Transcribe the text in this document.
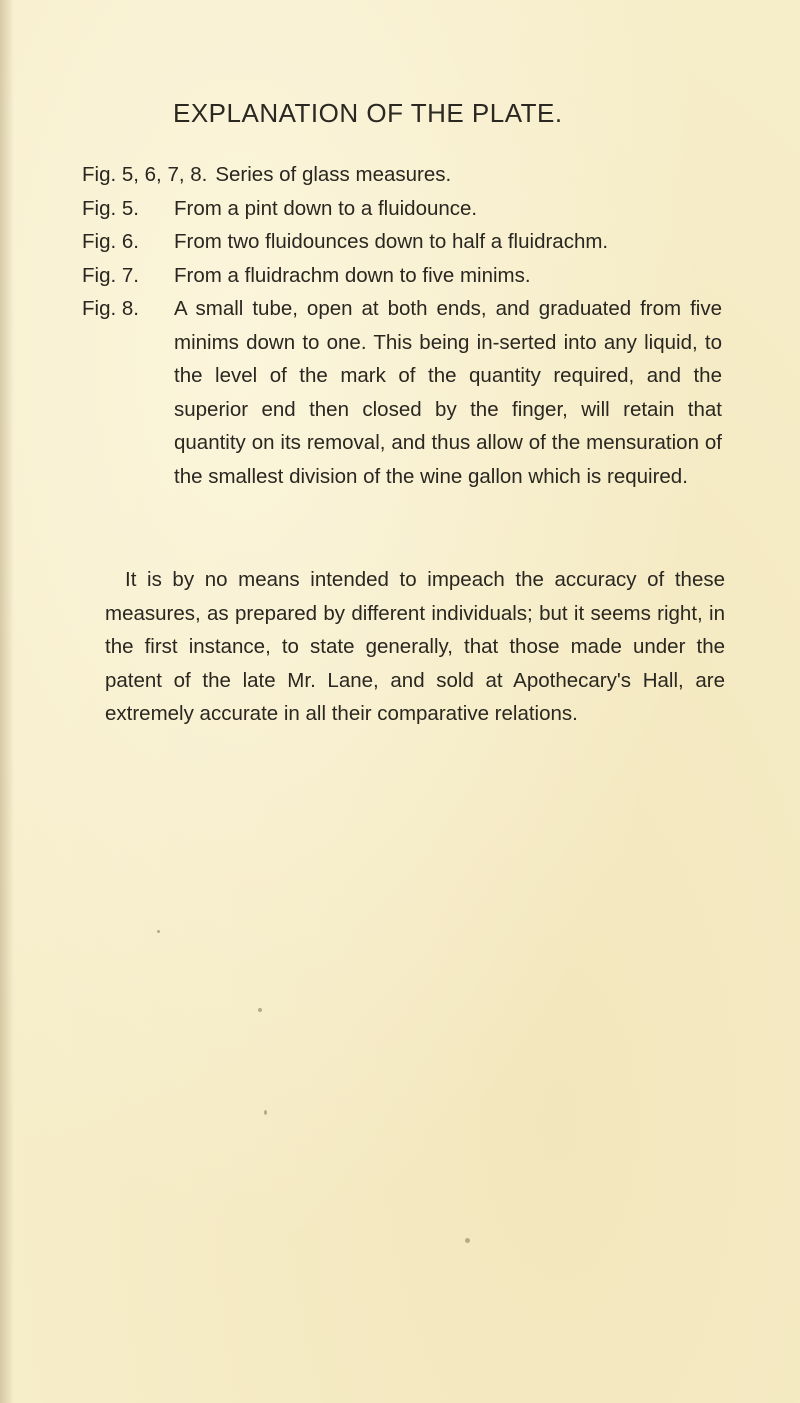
EXPLANATION OF THE PLATE.
Fig. 5, 6, 7, 8. Series of glass measures.
Fig. 5.	From a pint down to a fluidounce.
Fig. 6.	From two fluidounces down to half a fluidrachm.
Fig. 7.	From a fluidrachm down to five minims.
Fig. 8.	A small tube, open at both ends, and graduated from five minims down to one. This being in-serted into any liquid, to the level of the mark of the quantity required, and the superior end then closed by the finger, will retain that quantity on its removal, and thus allow of the mensuration of the smallest division of the wine gallon which is required.
It is by no means intended to impeach the accuracy of these measures, as prepared by different individuals; but it seems right, in the first instance, to state generally, that those made under the patent of the late Mr. Lane, and sold at Apothecary's Hall, are extremely accurate in all their comparative relations.
